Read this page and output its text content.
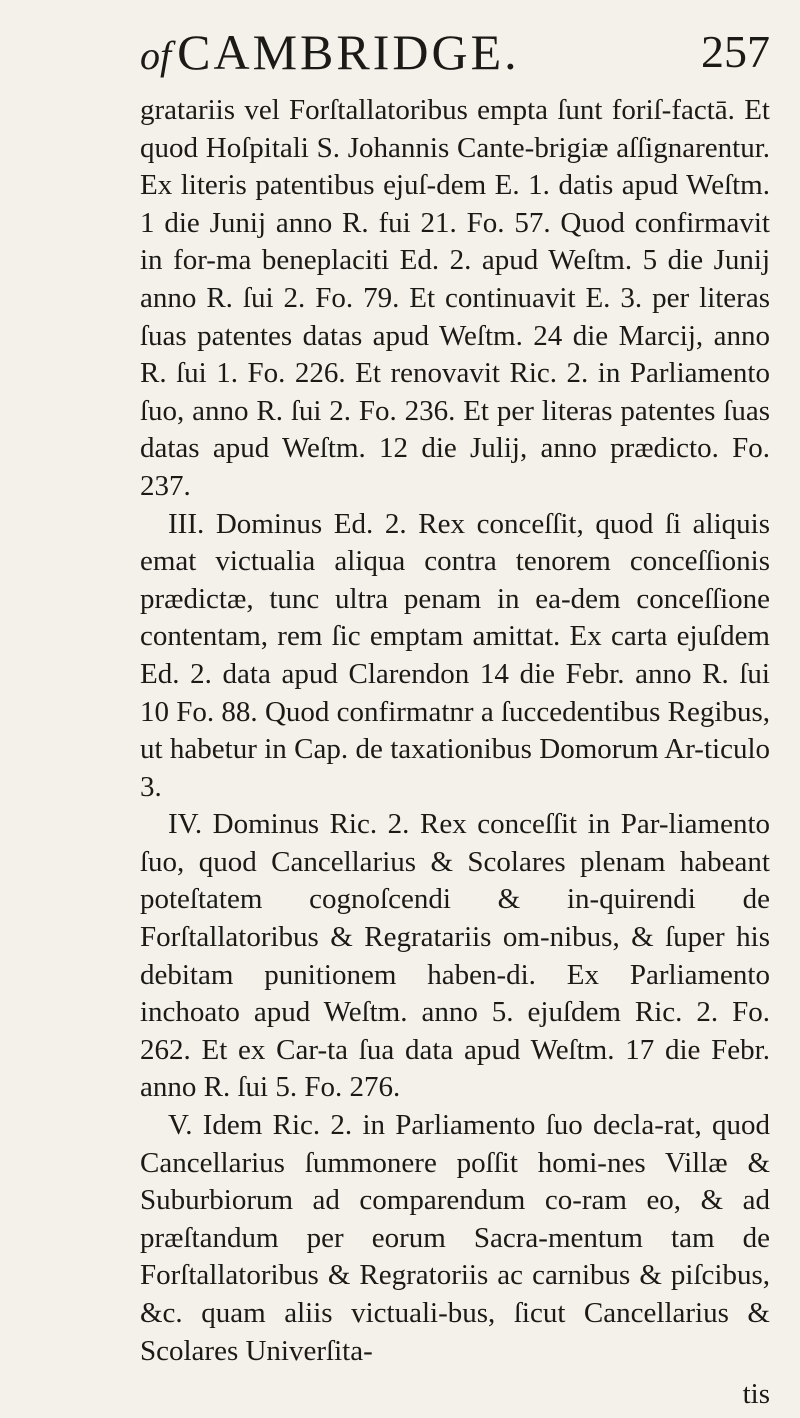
of CAMBRIDGE.	257

gratariis vel Forſtallatoribus empta ſunt foriſ-factā. Et quod Hoſpitali S. Johannis Cante-brigiæ aſſignarentur. Ex literis patentibus ejuſ-dem E. 1. datis apud Weſtm. 1 die Junij anno R. fui 21. Fo. 57. Quod confirmavit in for-ma beneplaciti Ed. 2. apud Weſtm. 5 die Junij anno R. ſui 2. Fo. 79. Et continuavit E. 3. per literas ſuas patentes datas apud Weſtm. 24 die Marcij, anno R. ſui 1. Fo. 226. Et renovavit Ric. 2. in Parliamento ſuo, anno R. ſui 2. Fo. 236. Et per literas patentes ſuas datas apud Weſtm. 12 die Julij, anno prædicto. Fo. 237.

III. Dominus Ed. 2. Rex conceſſit, quod ſi aliquis emat victualia aliqua contra tenorem conceſſionis prædictæ, tunc ultra penam in ea-dem conceſſione contentam, rem ſic emptam amittat. Ex carta ejuſdem Ed. 2. data apud Clarendon 14 die Febr. anno R. ſui 10 Fo. 88. Quod confirmatnr a ſuccedentibus Regibus, ut habetur in Cap. de taxationibus Domorum Ar-ticulo 3.

IV. Dominus Ric. 2. Rex conceſſit in Par-liamento ſuo, quod Cancellarius & Scolares plenam habeant poteſtatem cognoſcendi & in-quirendi de Forſtallatoribus & Regratariis om-nibus, & ſuper his debitam punitionem haben-di. Ex Parliamento inchoato apud Weſtm. anno 5. ejuſdem Ric. 2. Fo. 262. Et ex Car-ta ſua data apud Weſtm. 17 die Febr. anno R. ſui 5. Fo. 276.

V. Idem Ric. 2. in Parliamento ſuo decla-rat, quod Cancellarius ſummonere poſſit homi-nes Villæ & Suburbiorum ad comparendum co-ram eo, & ad præſtandum per eorum Sacra-mentum tam de Forſtallatoribus & Regratoriis ac carnibus & piſcibus, &c. quam aliis victuali-bus, ſicut Cancellarius & Scolares Univerſita-

tis
